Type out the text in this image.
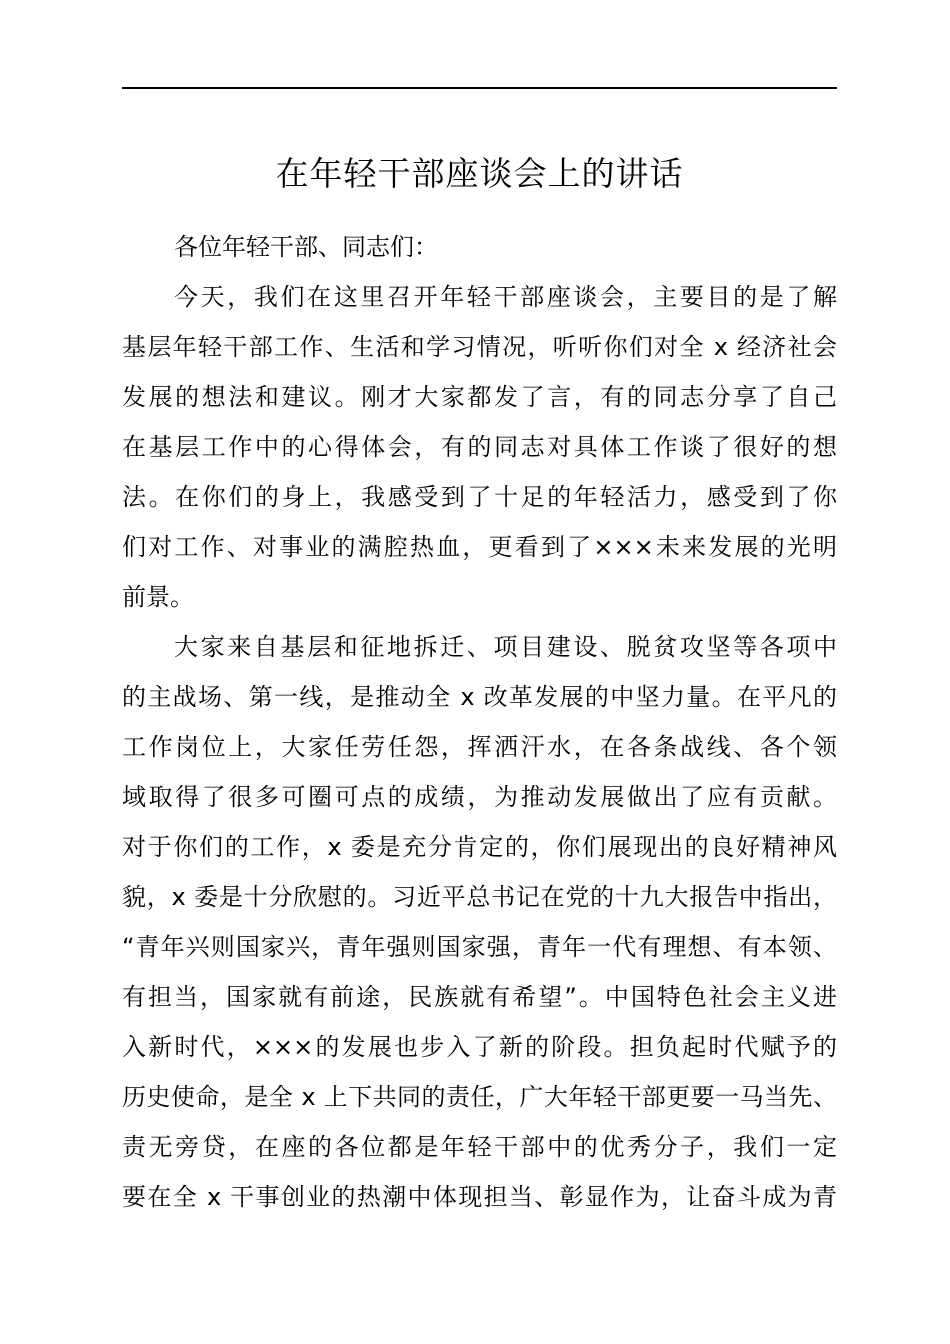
在年轻干部座谈会上的讲话
各位年轻干部、同志们：
今天，我们在这里召开年轻干部座谈会，主要目的是了解
基层年轻干部工作、生活和学习情况，听听你们对全 x 经济社会
发展的想法和建议。刚才大家都发了言，有的同志分享了自己
在基层工作中的心得体会，有的同志对具体工作谈了很好的想
法。在你们的身上，我感受到了十足的年轻活力，感受到了你
们对工作、对事业的满腔热血，更看到了×××未来发展的光明
前景。
大家来自基层和征地拆迁、项目建设、脱贫攻坚等各项中
的主战场、第一线，是推动全 x 改革发展的中坚力量。在平凡的
工作岗位上，大家任劳任怨，挥洒汗水，在各条战线、各个领
域取得了很多可圈可点的成绩，为推动发展做出了应有贡献。
对于你们的工作，x 委是充分肯定的，你们展现出的良好精神风
貌，x 委是十分欣慰的。习近平总书记在党的十九大报告中指出，
“青年兴则国家兴，青年强则国家强，青年一代有理想、有本领、
有担当，国家就有前途，民族就有希望”。中国特色社会主义进
入新时代，×××的发展也步入了新的阶段。担负起时代赋予的
历史使命，是全 x 上下共同的责任，广大年轻干部更要一马当先、
责无旁贷，在座的各位都是年轻干部中的优秀分子，我们一定
要在全 x 干事创业的热潮中体现担当、彰显作为，让奋斗成为青
